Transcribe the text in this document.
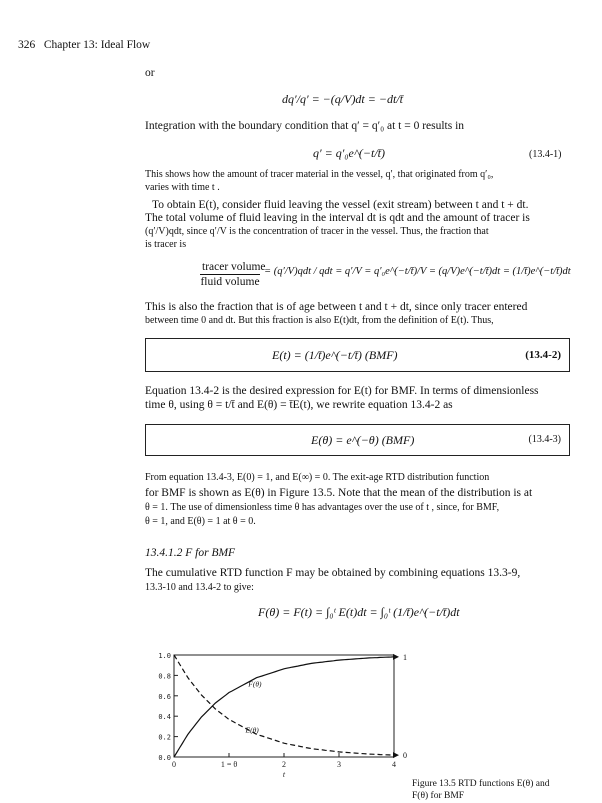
326 Chapter 13: Ideal Flow
or
dq′/q′ = −(q/V)dt = −dt/t̄
Integration with the boundary condition that q′ = q′₀ at t = 0 results in
q′ = q′₀e^(−t/t̄)	(13.4-1)
This shows how the amount of tracer material in the vessel, q′, that originated from q′₀,
varies with time t .
To obtain E(t), consider fluid leaving the vessel (exit stream) between t and t + dt.
The total volume of fluid leaving in the interval dt is qdt and the amount of tracer is
(q′/V)qdt, since q′/V is the concentration of tracer in the vessel. Thus, the fraction that
is tracer is
tracer volume
fluid volume
= (q′/V)qdt / qdt = q′/V = q′₀e^(−t/t̄)/V = (q/V)e^(−t/t̄)dt = (1/t̄)e^(−t/t̄)dt
This is also the fraction that is of age between t and t + dt, since only tracer entered
between time 0 and dt. But this fraction is also E(t)dt, from the definition of E(t). Thus,
E(t) = (1/t̄)e^(−t/t̄) (BMF)	(13.4-2)
Equation 13.4-2 is the desired expression for E(t) for BMF. In terms of dimensionless
time θ, using θ = t/t̄ and E(θ) = t̄E(t), we rewrite equation 13.4-2 as
E(θ) = e^(−θ) (BMF)	(13.4-3)
From equation 13.4-3, E(0) = 1, and E(∞) = 0. The exit-age RTD distribution function
for BMF is shown as E(θ) in Figure 13.5. Note that the mean of the distribution is at
θ = 1. The use of dimensionless time θ has advantages over the use of t , since, for BMF,
θ = 1, and E(θ) = 1 at θ = 0.
13.4.1.2 F for BMF
The cumulative RTD function F may be obtained by combining equations 13.3-9,
13.3-10 and 13.4-2 to give:
F(θ) = F(t) = ∫₀ᵗ E(t)dt = ∫₀ᵗ (1/t̄)e^(−t/t̄)dt
0.0
0.2
0.4
0.6
0.8
1.0
0	1 = θ	2	3	4
t
1
0
F(θ)
E(θ)
Figure 13.5 RTD functions E(θ) and
F(θ) for BMF
